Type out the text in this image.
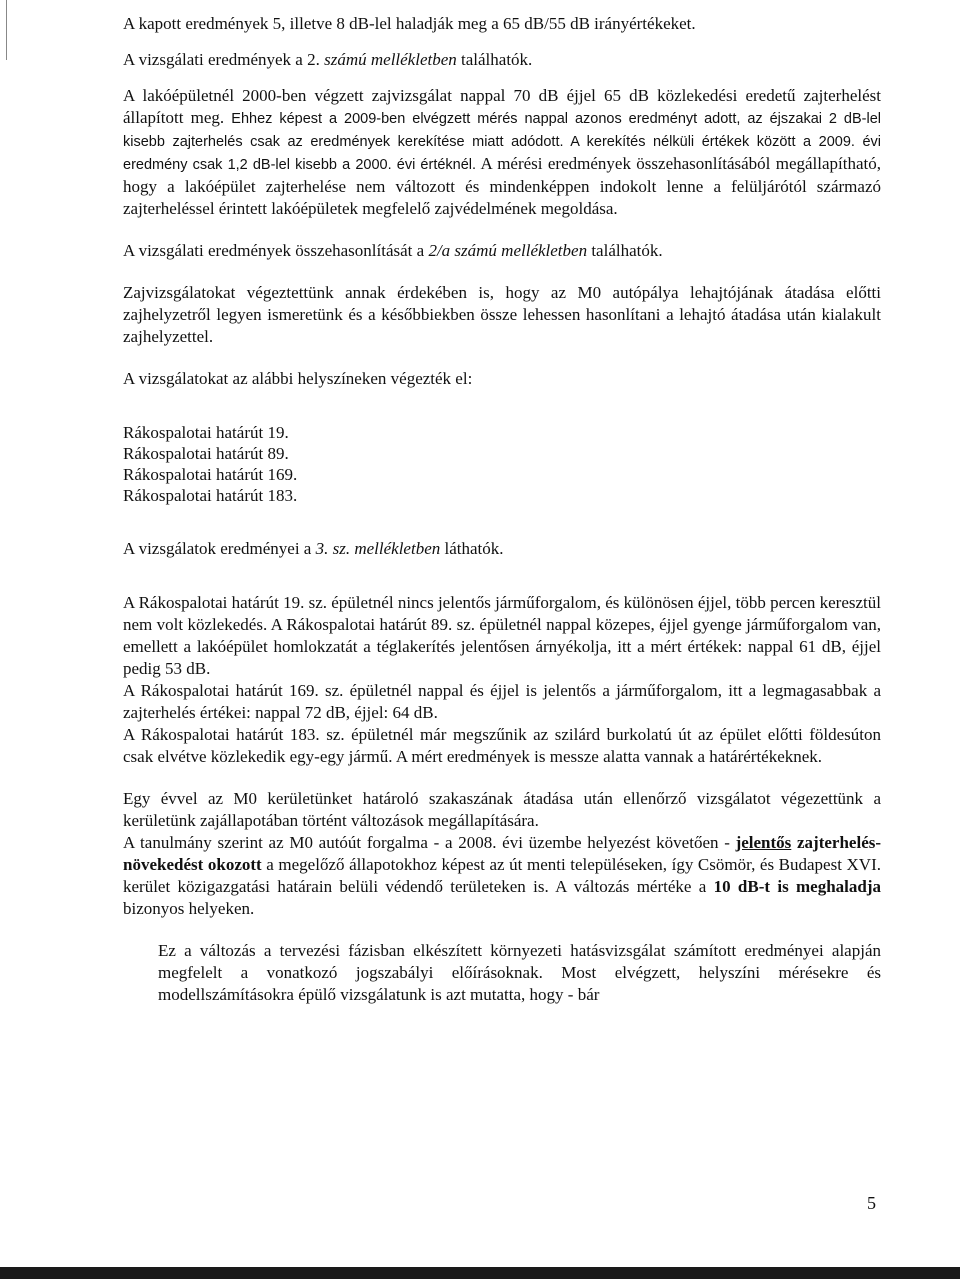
A kapott eredmények 5, illetve 8 dB-lel haladják meg a 65 dB/55 dB irányértékeket.

A vizsgálati eredmények a 2. számú mellékletben találhatók.

A lakóépületnél 2000-ben végzett zajvizsgálat nappal 70 dB éjjel 65 dB közlekedési eredetű zajterhelést állapított meg. Ehhez képest a 2009-ben elvégzett mérés nappal azonos eredményt adott, az éjszakai 2 dB-lel kisebb zajterhelés csak az eredmények kerekítése miatt adódott. A kerekítés nélküli értékek között a 2009. évi eredmény csak 1,2 dB-lel kisebb a 2000. évi értéknél. A mérési eredmények összehasonlításából megállapítható, hogy a lakóépület zajterhelése nem változott és mindenképpen indokolt lenne a felüljárótól származó zajterheléssel érintett lakóépületek megfelelő zajvédelmének megoldása.

A vizsgálati eredmények összehasonlítását a 2/a számú mellékletben találhatók.

Zajvizsgálatokat végeztettünk annak érdekében is, hogy az M0 autópálya lehajtójának átadása előtti zajhelyzetről legyen ismeretünk és a későbbiekben össze lehessen hasonlítani a lehajtó átadása után kialakult zajhelyzettel.

A vizsgálatokat az alábbi helyszíneken végezték el:

Rákospalotai határút 19.

Rákospalotai határút 89.

Rákospalotai határút 169.

Rákospalotai határút 183.

A vizsgálatok eredményei a 3. sz. mellékletben láthatók.

A Rákospalotai határút 19. sz. épületnél nincs jelentős járműforgalom, és különösen éjjel, több percen keresztül nem volt közlekedés. A Rákospalotai határút 89. sz. épületnél nappal közepes, éjjel gyenge járműforgalom van, emellett a lakóépület homlokzatát a téglakerítés jelentősen árnyékolja, itt a mért értékek: nappal 61 dB, éjjel pedig 53 dB.

A Rákospalotai határút 169. sz. épületnél nappal és éjjel is jelentős a járműforgalom, itt a legmagasabbak a zajterhelés értékei: nappal 72 dB, éjjel: 64 dB.

A Rákospalotai határút 183. sz. épületnél már megszűnik az szilárd burkolatú út az épület előtti földesúton csak elvétve közlekedik egy-egy jármű. A mért eredmények is messze alatta vannak a határértékeknek.

Egy évvel az M0 kerületünket határoló szakaszának átadása után ellenőrző vizsgálatot végezettünk a kerületünk zajállapotában történt változások megállapítására.

A tanulmány szerint az M0 autóút forgalma - a 2008. évi üzembe helyezést követően - jelentős zajterhelés-növekedést okozott a megelőző állapotokhoz képest az út menti településeken, így Csömör, és Budapest XVI. kerület közigazgatási határain belüli védendő területeken is. A változás mértéke a 10 dB-t is meghaladja bizonyos helyeken.

Ez a változás a tervezési fázisban elkészített környezeti hatásvizsgálat számított eredményei alapján megfelelt a vonatkozó jogszabályi előírásoknak. Most elvégzett, helyszíni mérésekre és modellszámításokra épülő vizsgálatunk is azt mutatta, hogy - bár

5
